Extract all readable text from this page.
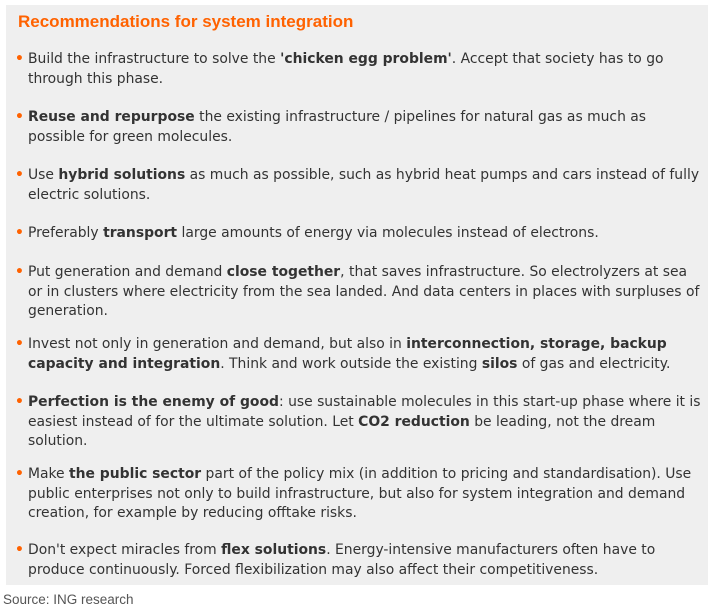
Recommendations for system integration
• Build the infrastructure to solve the 'chicken egg problem'. Accept that society has to go through this phase.
• Reuse and repurpose the existing infrastructure / pipelines for natural gas as much as possible for green molecules.
• Use hybrid solutions as much as possible, such as hybrid heat pumps and cars instead of fully electric solutions.
• Preferably transport large amounts of energy via molecules instead of electrons.
• Put generation and demand close together, that saves infrastructure. So electrolyzers at sea or in clusters where electricity from the sea landed. And data centers in places with surpluses of generation.
• Invest not only in generation and demand, but also in interconnection, storage, backup capacity and integration. Think and work outside the existing silos of gas and electricity.
• Perfection is the enemy of good: use sustainable molecules in this start-up phase where it is easiest instead of for the ultimate solution. Let CO2 reduction be leading, not the dream solution.
• Make the public sector part of the policy mix (in addition to pricing and standardisation). Use public enterprises not only to build infrastructure, but also for system integration and demand creation, for example by reducing offtake risks.
• Don't expect miracles from flex solutions. Energy-intensive manufacturers often have to produce continuously. Forced flexibilization may also affect their competitiveness.
Source: ING research
